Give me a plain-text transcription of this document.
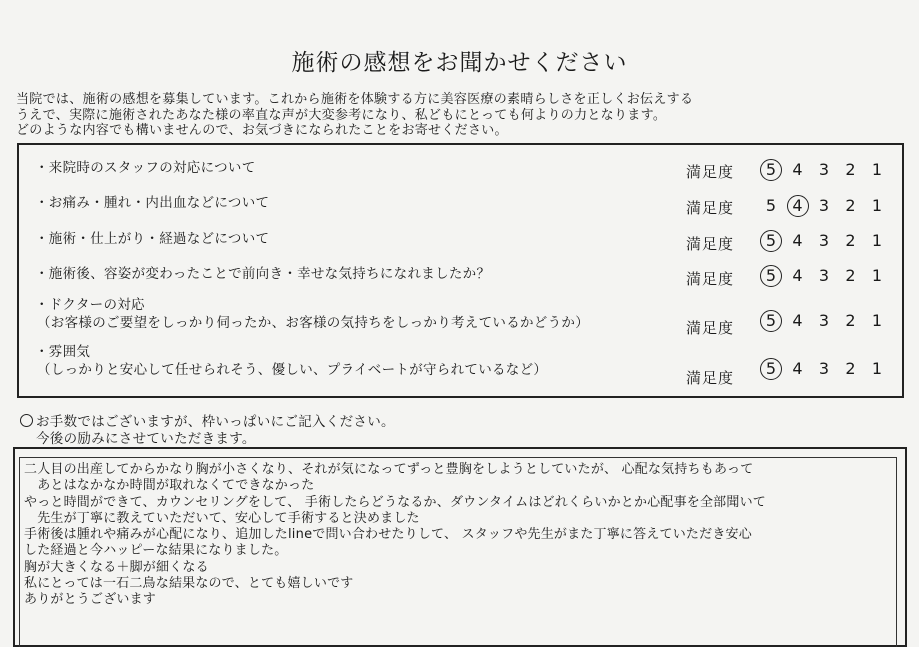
施術の感想をお聞かせください
当院では、施術の感想を募集しています。これから施術を体験する方に美容医療の素晴らしさを正しくお伝えする
うえで、実際に施術されたあなた様の率直な声が大変参考になり、私どもにとっても何よりの力となります。
どのような内容でも構いませんので、お気づきになられたことをお寄せください。
・来院時のスタッフの対応について	満足度	5	4	3	2	1
・お痛み・腫れ・内出血などについて	満足度	5	4	3	2	1
・施術・仕上がり・経過などについて	満足度	5	4	3	2	1
・施術後、容姿が変わったことで前向き・幸せな気持ちになれましたか？	満足度	5	4	3	2	1
・ドクターの対応
（お客様のご要望をしっかり伺ったか、お客様の気持ちをしっかり考えているかどうか）	満足度	5	4	3	2	1
・雰囲気
（しっかりと安心して任せられそう、優しい、プライベートが守られているなど）	満足度	5	4	3	2	1
お手数ではございますが、枠いっぱいにご記入ください。
今後の励みにさせていただきます。
二人目の出産してからかなり胸が小さくなり、それが気になってずっと豊胸をしようとしていたが、 心配な気持ちもあって
　あとはなかなか時間が取れなくてできなかった
やっと時間ができて、カウンセリングをして、 手術したらどうなるか、ダウンタイムはどれくらいかとか心配事を全部聞いて
　先生が丁寧に教えていただいて、安心して手術すると決めました
手術後は腫れや痛みが心配になり、追加したlineで問い合わせたりして、 スタッフや先生がまた丁寧に答えていただき安心
した経過と今ハッピーな結果になりました。
胸が大きくなる＋脚が細くなる
私にとっては一石二鳥な結果なので、とても嬉しいです
ありがとうございます
